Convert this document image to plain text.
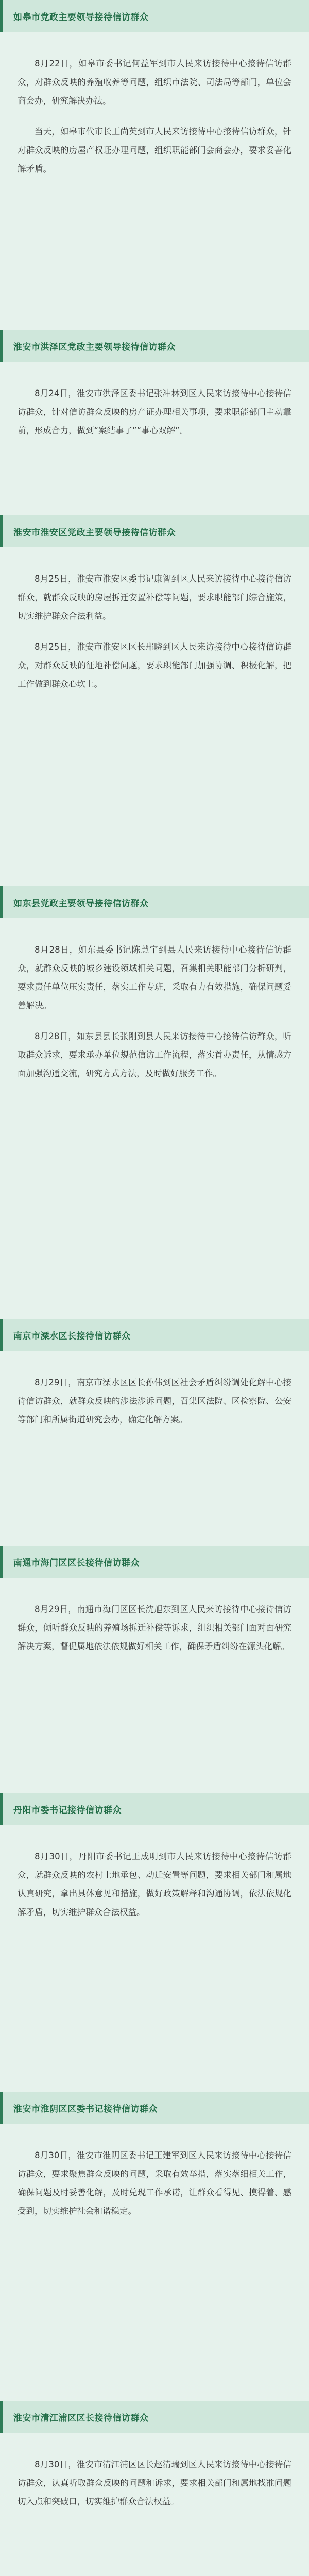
如皋市党政主要领导接待信访群众

8月22日，如皋市委书记何益军到市人民来访接待中心接待信访群众，对群众反映的养殖收养等问题，组织市法院、司法局等部门，单位会商会办，研究解决办法。

当天，如皋市代市长王尚英到市人民来访接待中心接待信访群众，针对群众反映的房屋产权证办理问题，组织职能部门会商会办，要求妥善化解矛盾。

淮安市洪泽区党政主要领导接待信访群众

8月24日，淮安市洪泽区委书记张冲林到区人民来访接待中心接待信访群众，针对信访群众反映的房产证办理相关事项，要求职能部门主动靠前，形成合力，做到“案结事了”“事心双解”。

淮安市淮安区党政主要领导接待信访群众

8月25日，淮安市淮安区委书记康智到区人民来访接待中心接待信访群众，就群众反映的房屋拆迁安置补偿等问题，要求职能部门综合施策，切实维护群众合法利益。

8月25日，淮安市淮安区区长邢晓到区人民来访接待中心接待信访群众，对群众反映的征地补偿问题，要求职能部门加强协调、积极化解，把工作做到群众心坎上。

如东县党政主要领导接待信访群众

8月28日，如东县委书记陈慧宇到县人民来访接待中心接待信访群众，就群众反映的城乡建设领域相关问题，召集相关职能部门分析研判，要求责任单位压实责任，落实工作专班，采取有力有效措施，确保问题妥善解决。

8月28日，如东县县长张刚到县人民来访接待中心接待信访群众，听取群众诉求，要求承办单位规范信访工作流程，落实首办责任，从情感方面加强沟通交流，研究方式方法，及时做好服务工作。

南京市溧水区长接待信访群众

8月29日，南京市溧水区区长孙伟到区社会矛盾纠纷调处化解中心接待信访群众，就群众反映的涉法涉诉问题，召集区法院、区检察院、公安等部门和所属街道研究会办，确定化解方案。

南通市海门区区长接待信访群众

8月29日，南通市海门区区长沈旭东到区人民来访接待中心接待信访群众，倾听群众反映的养殖场拆迁补偿等诉求，组织相关部门面对面研究解决方案，督促属地依法依规做好相关工作，确保矛盾纠纷在源头化解。

丹阳市委书记接待信访群众

8月30日，丹阳市委书记王成明到市人民来访接待中心接待信访群众，就群众反映的农村土地承包、动迁安置等问题，要求相关部门和属地认真研究，拿出具体意见和措施，做好政策解释和沟通协调，依法依规化解矛盾，切实维护群众合法权益。

淮安市淮阴区区委书记接待信访群众

8月30日，淮安市淮阴区委书记王建军到区人民来访接待中心接待信访群众，要求聚焦群众反映的问题，采取有效举措，落实落细相关工作，确保问题及时妥善化解，及时兑现工作承诺，让群众看得见、摸得着、感受到，切实维护社会和谐稳定。

淮安市清江浦区区长接待信访群众

8月30日，淮安市清江浦区区长赵清瑞到区人民来访接待中心接待信访群众，认真听取群众反映的问题和诉求，要求相关部门和属地找准问题切入点和突破口，切实维护群众合法权益。
